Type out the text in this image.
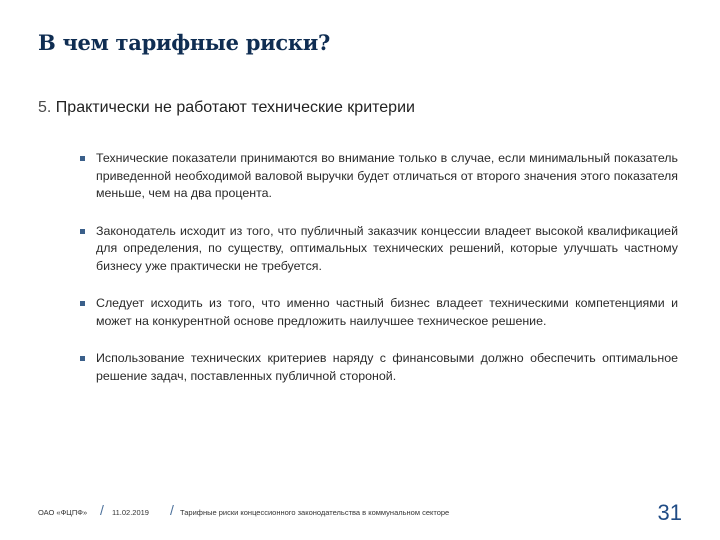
В чем тарифные риски?

5. Практически не работают технические критерии

Технические показатели принимаются во внимание только в случае, если минимальный показатель приведенной необходимой валовой выручки будет отличаться от второго значения этого показателя меньше, чем на два процента.
Законодатель исходит из того, что публичный заказчик концессии владеет высокой квалификацией для определения, по существу, оптимальных технических решений, которые улучшать частному бизнесу уже практически не требуется.
Следует исходить из того, что именно частный бизнес владеет техническими компетенциями и может на конкурентной основе предложить наилучшее техническое решение.
Использование технических критериев наряду с финансовыми должно обеспечить оптимальное решение задач, поставленных публичной стороной.
ОАО «ФЦПФ» / 11.02.2019 / Тарифные риски концессионного законодательства в коммунальном секторе	31
